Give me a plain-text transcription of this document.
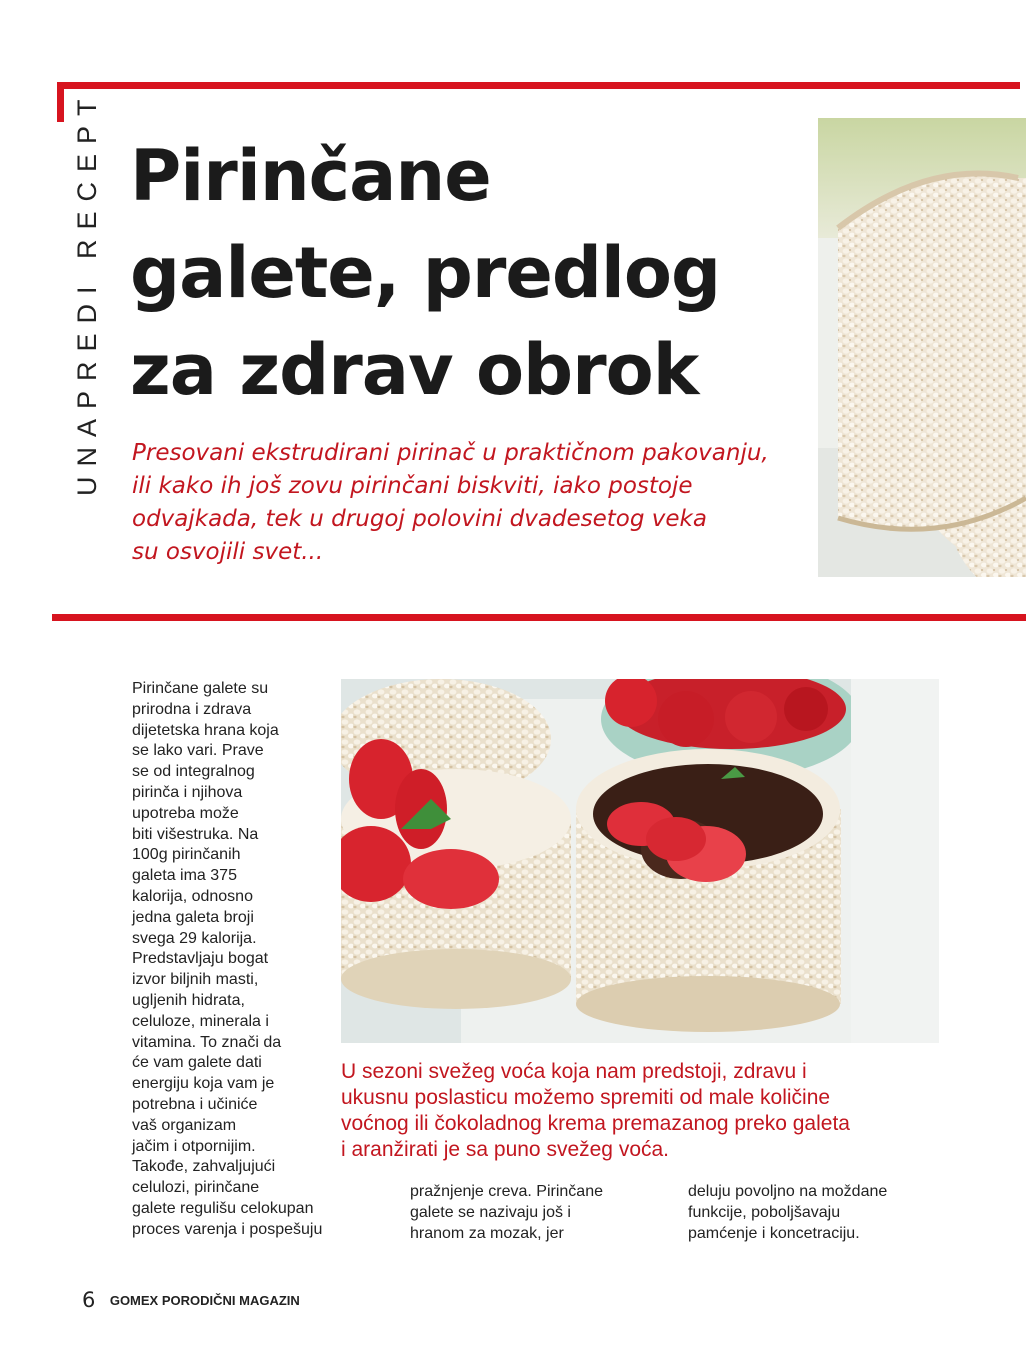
UNAPREDI RECEPT Pirinčane
galete, predlog
za zdrav obrok

Presovani ekstrudirani pirinač u praktičnom pakovanju,
ili kako ih još zovu pirinčani biskviti, iako postoje
odvajkada, tek u drugoj polovini dvadesetog veka
su osvojili svet...

Pirinčane galete su
prirodna i zdrava
dijetetska hrana koja
se lako vari. Prave
se od integralnog
pirinča i njihova
upotreba može
biti višestruka. Na
100g pirinčanih
galeta ima 375
kalorija, odnosno
jedna galeta broji
svega 29 kalorija.
Predstavljaju bogat
izvor biljnih masti,
ugljenih hidrata,
celuloze, minerala i
vitamina. To znači da
će vam galete dati
energiju koja vam je
potrebna i učiniće
vaš organizam
jačim i otpornijim.
Takođe, zahvaljujući
celulozi, pirinčane
galete regulišu celokupan
proces varenja i pospešuju

U sezoni svežeg voća koja nam predstoji, zdravu i
ukusnu poslasticu možemo spremiti od male količine
voćnog ili čokoladnog krema premazanog preko galeta
i aranžirati je sa puno svežeg voća.

pražnjenje creva. Pirinčane
galete se nazivaju još i
hranom za mozak, jer

deluju povoljno na moždane
funkcije, poboljšavaju
pamćenje i koncetraciju.

6 GOMEX PORODIČNI MAGAZIN
